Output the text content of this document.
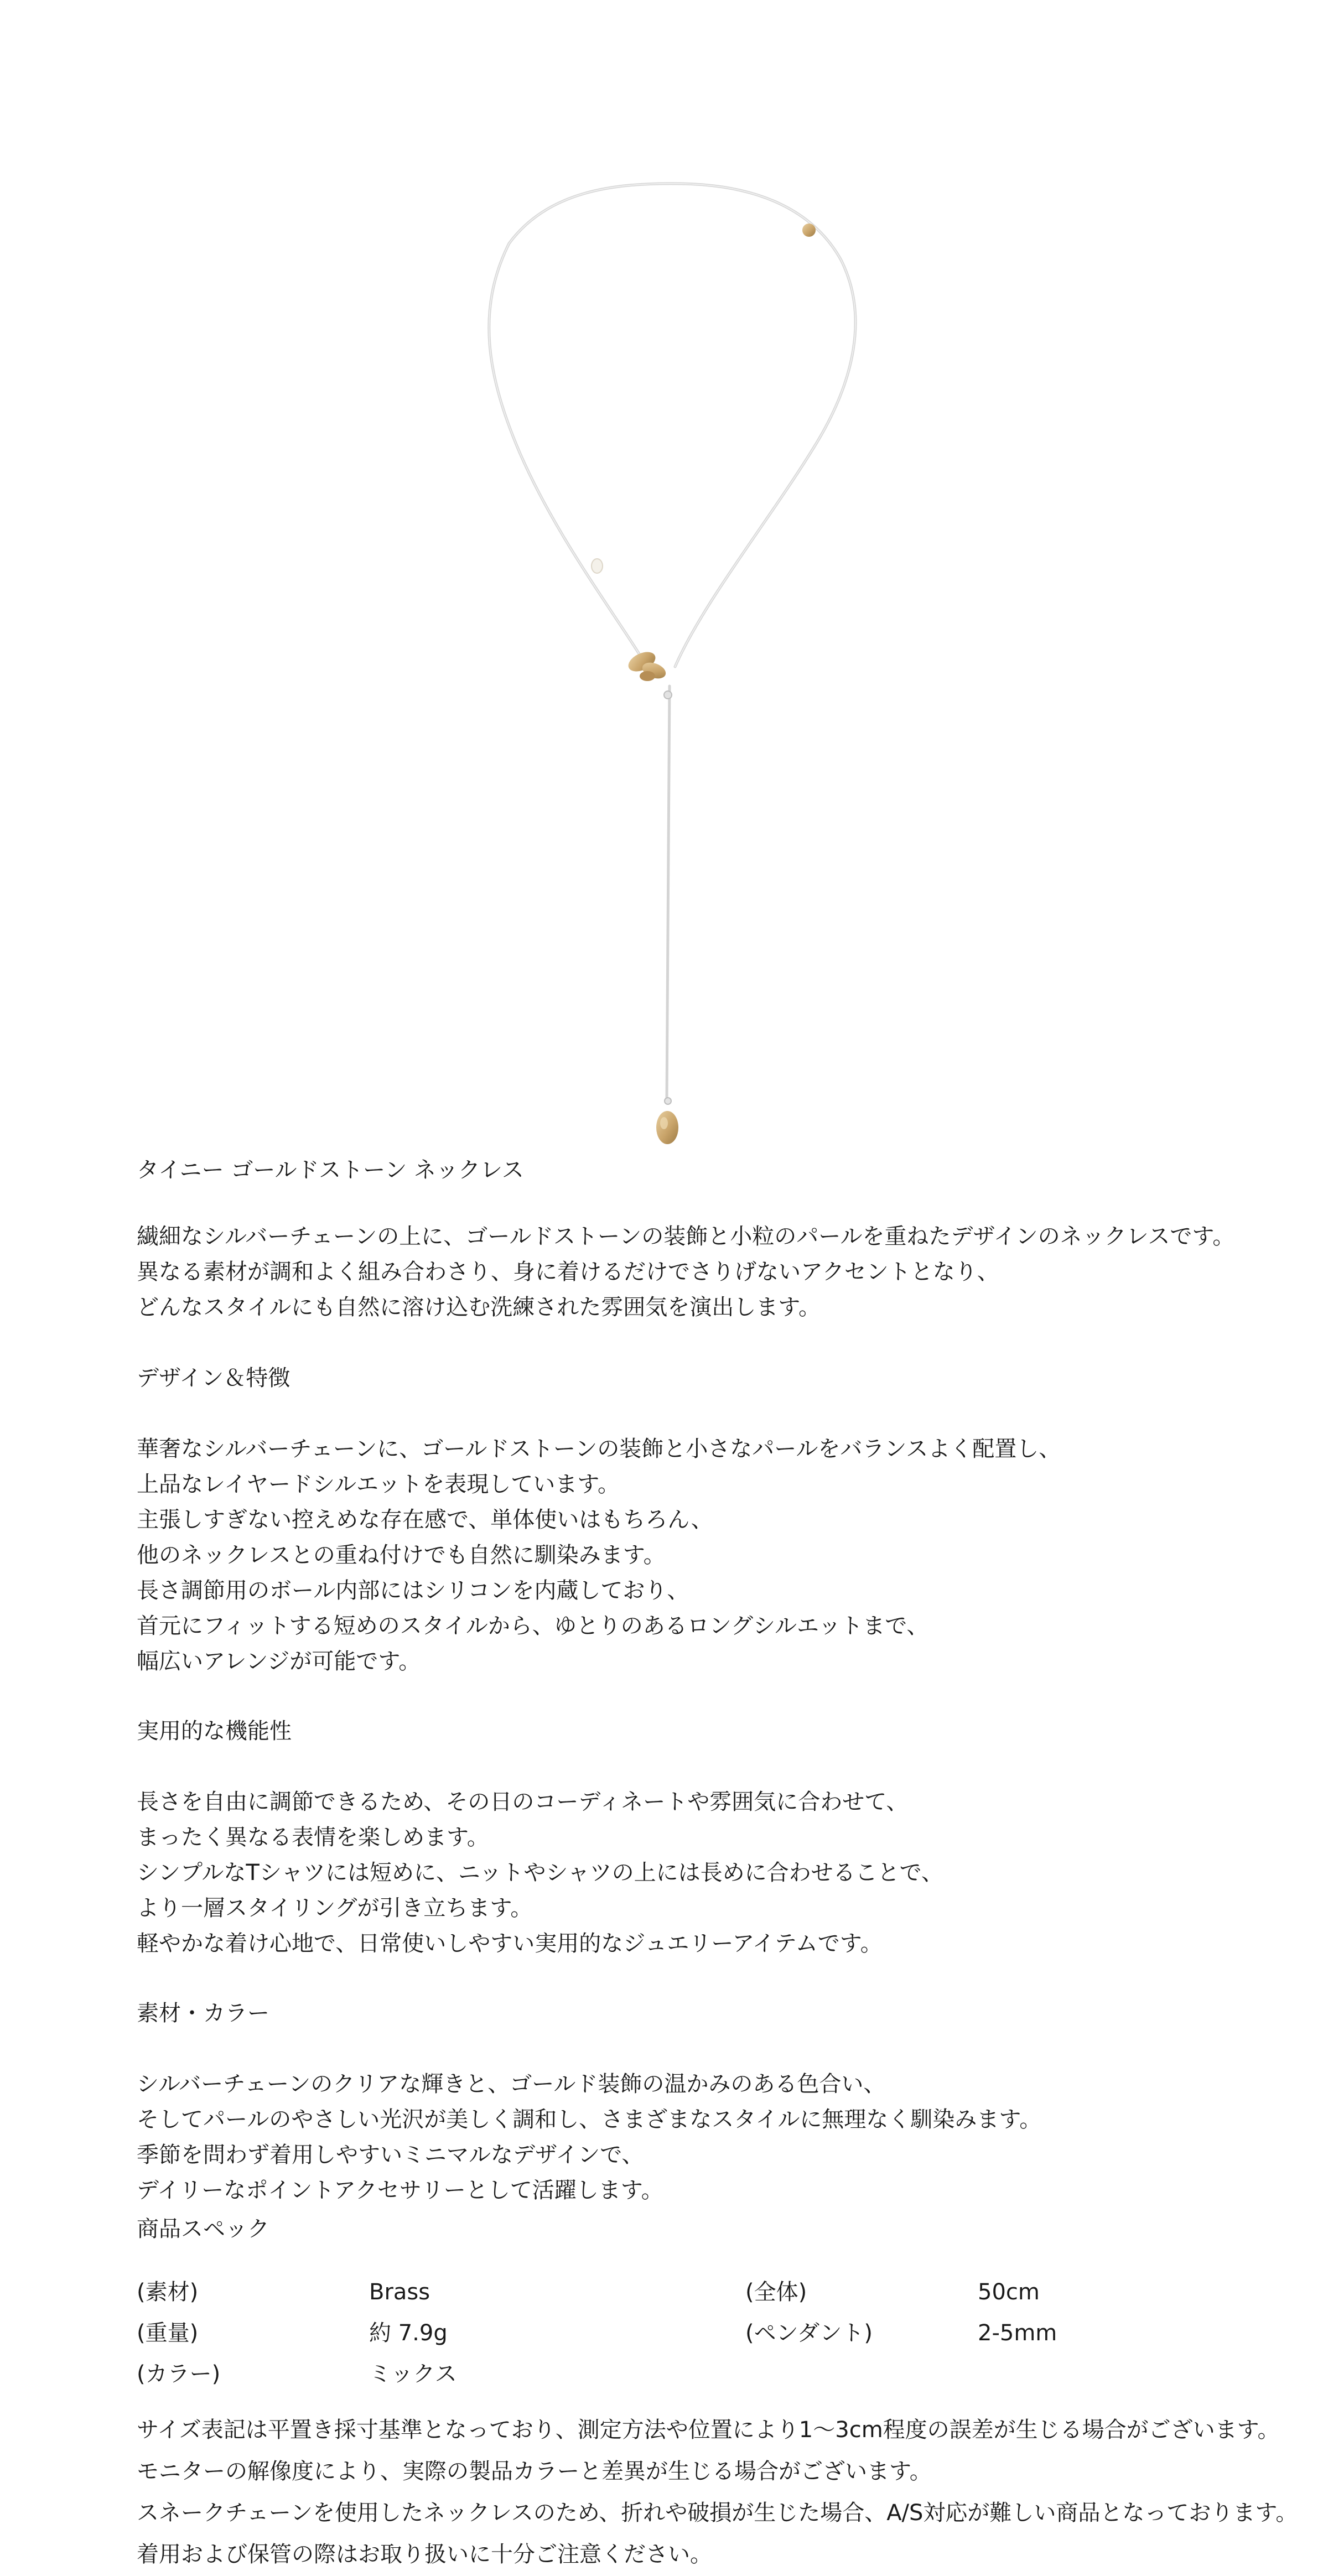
タイニー ゴールドストーン ネックレス
繊細なシルバーチェーンの上に、ゴールドストーンの装飾と小粒のパールを重ねたデザインのネックレスです。
異なる素材が調和よく組み合わさり、身に着けるだけでさりげないアクセントとなり、
どんなスタイルにも自然に溶け込む洗練された雰囲気を演出します。
デザイン＆特徴
華奢なシルバーチェーンに、ゴールドストーンの装飾と小さなパールをバランスよく配置し、
上品なレイヤードシルエットを表現しています。
主張しすぎない控えめな存在感で、単体使いはもちろん、
他のネックレスとの重ね付けでも自然に馴染みます。
長さ調節用のボール内部にはシリコンを内蔵しており、
首元にフィットする短めのスタイルから、ゆとりのあるロングシルエットまで、
幅広いアレンジが可能です。
実用的な機能性
長さを自由に調節できるため、その日のコーディネートや雰囲気に合わせて、
まったく異なる表情を楽しめます。
シンプルなTシャツには短めに、ニットやシャツの上には長めに合わせることで、
より一層スタイリングが引き立ちます。
軽やかな着け心地で、日常使いしやすい実用的なジュエリーアイテムです。
素材・カラー
シルバーチェーンのクリアな輝きと、ゴールド装飾の温かみのある色合い、
そしてパールのやさしい光沢が美しく調和し、さまざまなスタイルに無理なく馴染みます。
季節を問わず着用しやすいミニマルなデザインで、
デイリーなポイントアクセサリーとして活躍します。
商品スペック
(素材)	Brass	(全体)	50cm
(重量)	約 7.9g	(ペンダント)	2-5mm
(カラー)	ミックス
サイズ表記は平置き採寸基準となっており、測定方法や位置により1〜3cm程度の誤差が生じる場合がございます。
モニターの解像度により、実際の製品カラーと差異が生じる場合がございます。
スネークチェーンを使用したネックレスのため、折れや破損が生じた場合、A/S対応が難しい商品となっております。
着用および保管の際はお取り扱いに十分ご注意ください。
